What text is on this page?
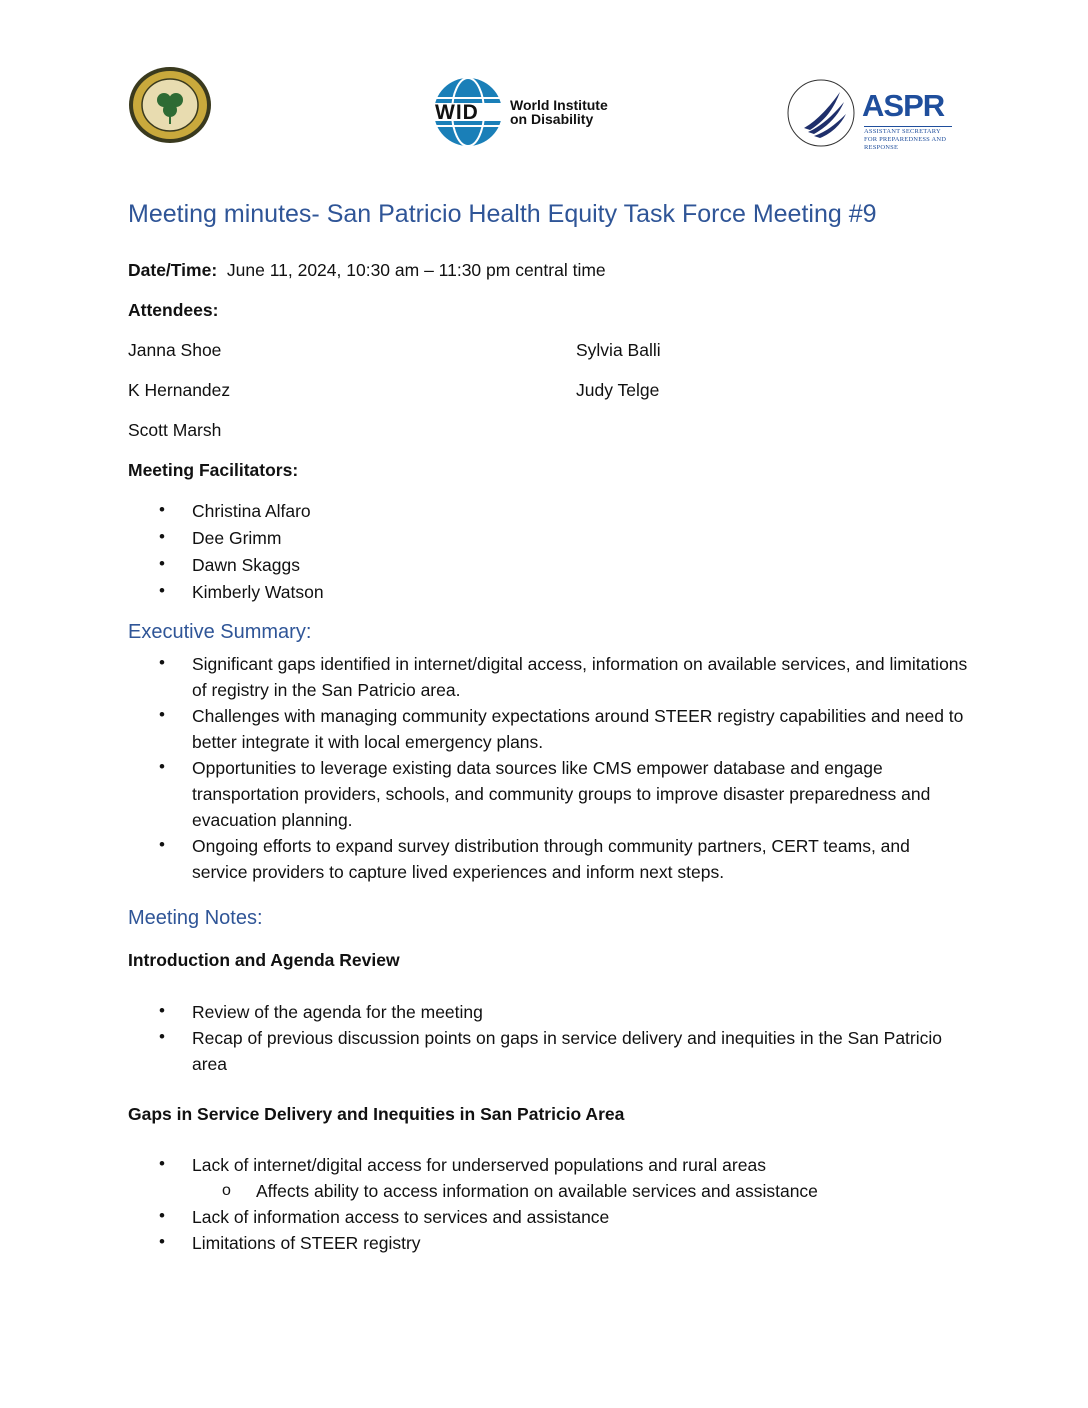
WID World Institute
on Disability	ASPR
ASSISTANT SECRETARY FOR PREPAREDNESS AND RESPONSE
Meeting minutes- San Patricio Health Equity Task Force Meeting #9
Date/Time: June 11, 2024, 10:30 am – 11:30 pm central time
Attendees:
Janna Shoe	Sylvia Balli
K Hernandez	Judy Telge
Scott Marsh
Meeting Facilitators:
• Christina Alfaro
• Dee Grimm
• Dawn Skaggs
• Kimberly Watson
Executive Summary:
• Significant gaps identified in internet/digital access, information on available services, and limitations of registry in the San Patricio area.
• Challenges with managing community expectations around STEER registry capabilities and need to better integrate it with local emergency plans.
• Opportunities to leverage existing data sources like CMS empower database and engage transportation providers, schools, and community groups to improve disaster preparedness and evacuation planning.
• Ongoing efforts to expand survey distribution through community partners, CERT teams, and service providers to capture lived experiences and inform next steps.
Meeting Notes:
Introduction and Agenda Review
• Review of the agenda for the meeting
• Recap of previous discussion points on gaps in service delivery and inequities in the San Patricio area
Gaps in Service Delivery and Inequities in San Patricio Area
• Lack of internet/digital access for underserved populations and rural areas
o Affects ability to access information on available services and assistance
• Lack of information access to services and assistance
• Limitations of STEER registry
